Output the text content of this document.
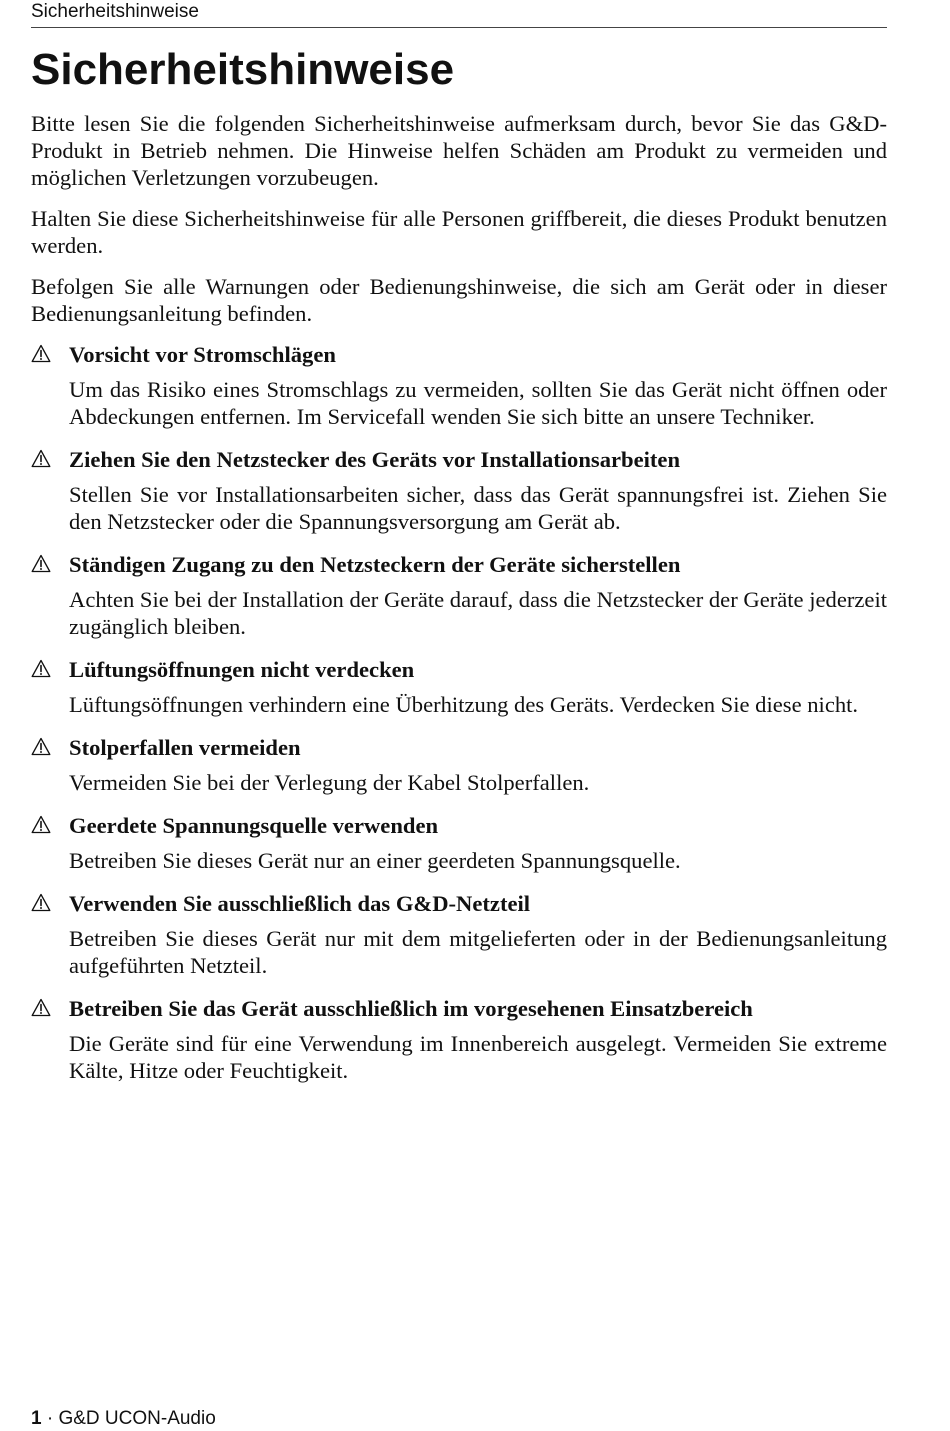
Sicherheitshinweise
Sicherheitshinweise

Bitte lesen Sie die folgenden Sicherheitshinweise aufmerksam durch, bevor Sie das G&D-Produkt in Betrieb nehmen. Die Hinweise helfen Schäden am Produkt zu vermeiden und möglichen Verletzungen vorzubeugen.

Halten Sie diese Sicherheitshinweise für alle Personen griffbereit, die dieses Produkt benutzen werden.

Befolgen Sie alle Warnungen oder Bedienungshinweise, die sich am Gerät oder in dieser Bedienungsanleitung befinden.

Vorsicht vor Stromschlägen

Um das Risiko eines Stromschlags zu vermeiden, sollten Sie das Gerät nicht öffnen oder Abdeckungen entfernen. Im Servicefall wenden Sie sich bitte an unsere Techniker.

Ziehen Sie den Netzstecker des Geräts vor Installationsarbeiten

Stellen Sie vor Installationsarbeiten sicher, dass das Gerät spannungsfrei ist. Ziehen Sie den Netzstecker oder die Spannungsversorgung am Gerät ab.

Ständigen Zugang zu den Netzsteckern der Geräte sicherstellen

Achten Sie bei der Installation der Geräte darauf, dass die Netzstecker der Geräte jederzeit zugänglich bleiben.

Lüftungsöffnungen nicht verdecken

Lüftungsöffnungen verhindern eine Überhitzung des Geräts. Verdecken Sie diese nicht.

Stolperfallen vermeiden

Vermeiden Sie bei der Verlegung der Kabel Stolperfallen.

Geerdete Spannungsquelle verwenden

Betreiben Sie dieses Gerät nur an einer geerdeten Spannungsquelle.

Verwenden Sie ausschließlich das G&D-Netzteil

Betreiben Sie dieses Gerät nur mit dem mitgelieferten oder in der Bedienungsanleitung aufgeführten Netzteil.

Betreiben Sie das Gerät ausschließlich im vorgesehenen Einsatzbereich

Die Geräte sind für eine Verwendung im Innenbereich ausgelegt. Vermeiden Sie extreme Kälte, Hitze oder Feuchtigkeit.

1 · G&D UCON-Audio
